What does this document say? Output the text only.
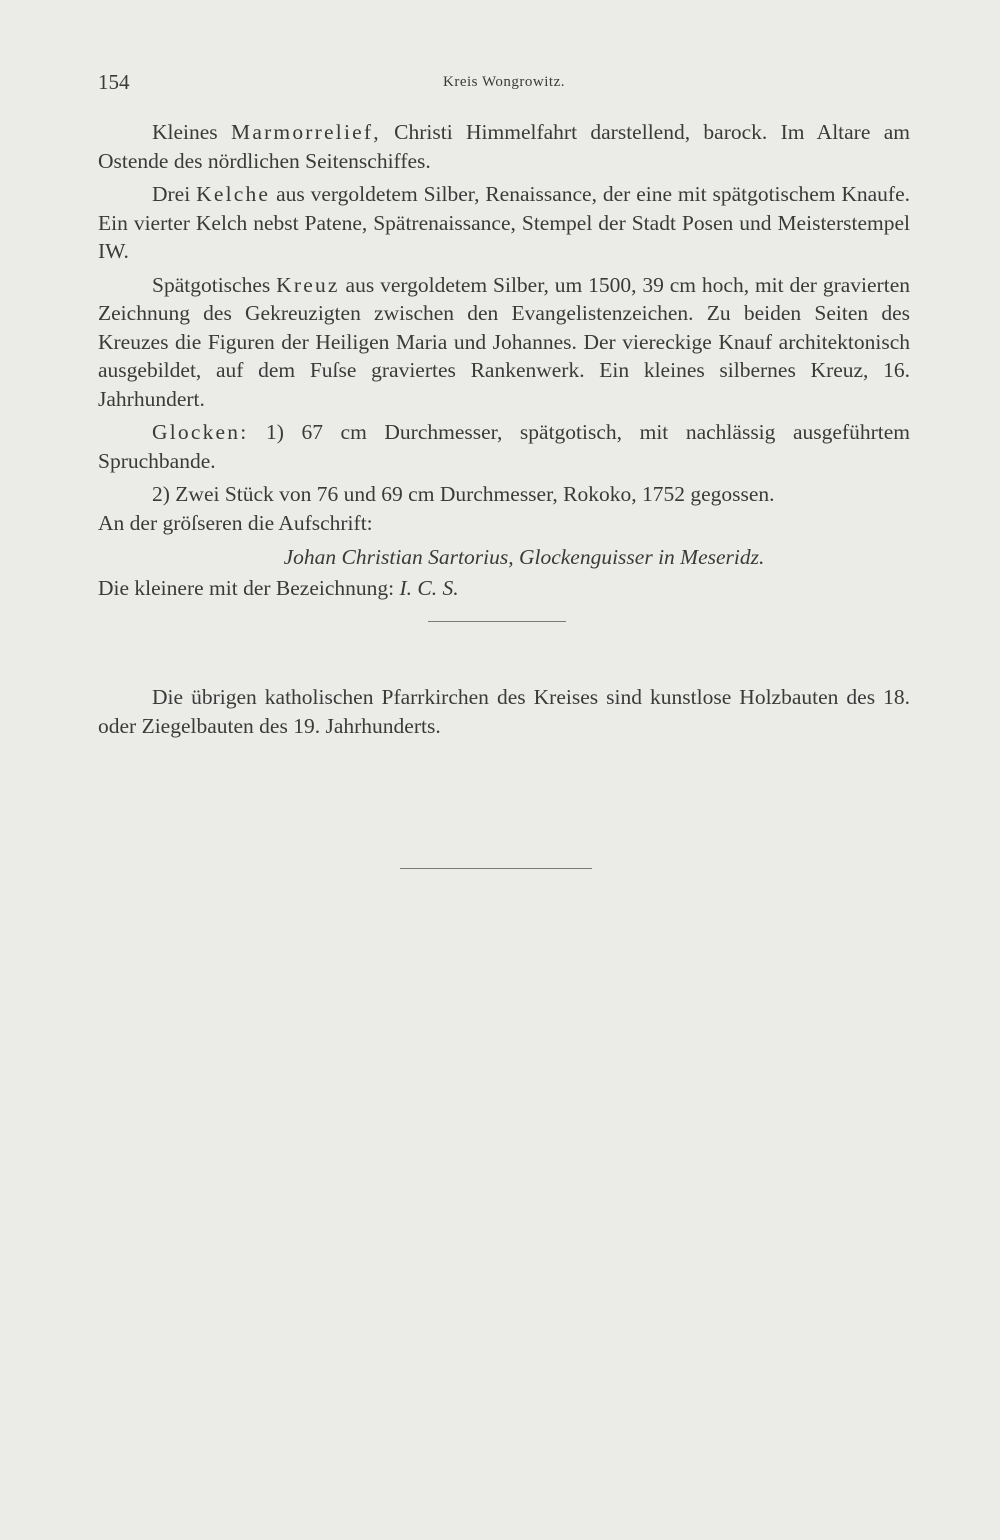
154	Kreis Wongrowitz.

Kleines Marmorrelief, Christi Himmelfahrt darstellend, barock. Im Altare am Ostende des nördlichen Seitenschiffes.

Drei Kelche aus vergoldetem Silber, Renaissance, der eine mit spätgotischem Knaufe. Ein vierter Kelch nebst Patene, Spätrenaissance, Stempel der Stadt Posen und Meisterstempel IW.

Spätgotisches Kreuz aus vergoldetem Silber, um 1500, 39 cm hoch, mit der gravierten Zeichnung des Gekreuzigten zwischen den Evangelistenzeichen. Zu beiden Seiten des Kreuzes die Figuren der Heiligen Maria und Johannes. Der viereckige Knauf architektonisch ausgebildet, auf dem Fuſse graviertes Rankenwerk. Ein kleines silbernes Kreuz, 16. Jahrhundert.

Glocken: 1) 67 cm Durchmesser, spätgotisch, mit nachlässig ausgeführtem Spruchbande.

2) Zwei Stück von 76 und 69 cm Durchmesser, Rokoko, 1752 gegossen.

An der gröſseren die Aufschrift:

Johan Christian Sartorius, Glockenguisser in Meseridz.

Die kleinere mit der Bezeichnung: I. C. S.

Die übrigen katholischen Pfarrkirchen des Kreises sind kunstlose Holzbauten des 18. oder Ziegelbauten des 19. Jahrhunderts.
